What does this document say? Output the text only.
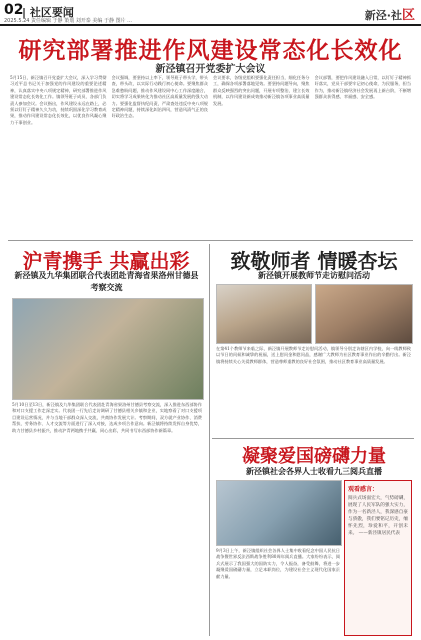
02
| 社区要闻
2025.5.24 责任编辑 于静 策划 刘开泰 美编 于静 图片 ...	新泾·社区
研究部署推进作风建设常态化长效化
新泾镇召开党委扩大会议
5月15日，新泾镇召开党委扩大会议，深入学习贯彻习近平总书记关于加强党的作风建设的重要论述精神，认真落实中央八项规定精神，研究部署推进作风建设常态化长效化工作。镇领导班子成员、各部门负责人参加会议。会议指出，作风建设永远在路上，必须以钉钉子精神久久为功，持续巩固深化学习教育成果，推动作风建设常态化长效化，以优良作风凝心聚力干事创业。
会议强调，要坚持以上率下，领导班子带头学，带头查，带头改，以实际行动践行初心使命。要聚焦群众急难愁盼问题，推动作风建设同中心工作深度融合，切实将学习成果转化为推动社区高质量发展的强大动力。要强化监督执纪问责，严肃查处违反中央八项规定精神问题，持续深化纠治四风，营造风清气正的良好政治生态。
会议要求，各级党组织要强化责任担当，细化任务分工，确保各项部署落地见效。要坚持问题导向，聚焦群众反映强烈的突出问题，开展专项整治，建立长效机制，以作风建设新成效推动新泾镇各项事业高质量发展。
会议部署，要把作风建设融入日常，以钉钉子精神抓好落实，党员干部要牢记初心使命，为民服务，担当作为，推动新泾镇经济社会发展再上新台阶，不断增强群众获得感、幸福感、安全感。
沪青携手 共赢出彩
新泾镇及九华集团联合代表团赴青海省果洛州甘德县考察交流
5月10日至13日，新泾镇及九华集团联合代表团赴青海省果洛州甘德县考察交流，深入推进东西部协作和对口支援工作走深走实。代表团一行先后走访调研了甘德县相关乡镇和企业，实地察看了对口支援项目建设运营情况，并与当地干部群众深入交流，共商协作发展大计。考察期间，双方就产业协作、消费帮扶、劳务协作、人才交流等方面进行了深入对接，达成多项合作意向。新泾镇将持续发挥自身优势，助力甘德县乡村振兴，推动沪青两地携手共赢、同心出彩，共同书写东西部协作新篇章。
致敬师者 情暖杏坛
新泾镇开展教师节走访慰问活动
在第41个教师节来临之际，新泾镇开展教师节走访慰问活动，镇领导分别走访辖区内学校，向一线教师致以节日的问候和诚挚的祝福，送上慰问金和慰问品，感谢广大教师为社区教育事业作出的辛勤付出。新泾镇将持续关心关爱教师群体，营造尊师重教的良好社会氛围，推动社区教育事业高质量发展。
凝聚爱国磅礴力量
新泾镇社会各界人士收看九三阅兵直播
9月3日上午，新泾镇组织社会各界人士集中收看纪念中国人民抗日战争暨世界反法西斯战争胜利80周年阅兵直播。大家纷纷表示，阅兵式展示了我国强大的国防实力，令人振奋，备受鼓舞，将进一步凝聚爱国磅礴力量，立足本职岗位，为建设社会主义现代化国家贡献力量。
观看感言：
阅兵式场面宏大，气势磅礴，展现了人民军队的强大实力，作为一名新泾人，我深感自豪与骄傲，我们要铭记历史，缅怀先烈，珍爱和平，开创未来。 ——新泾镇居民代表
